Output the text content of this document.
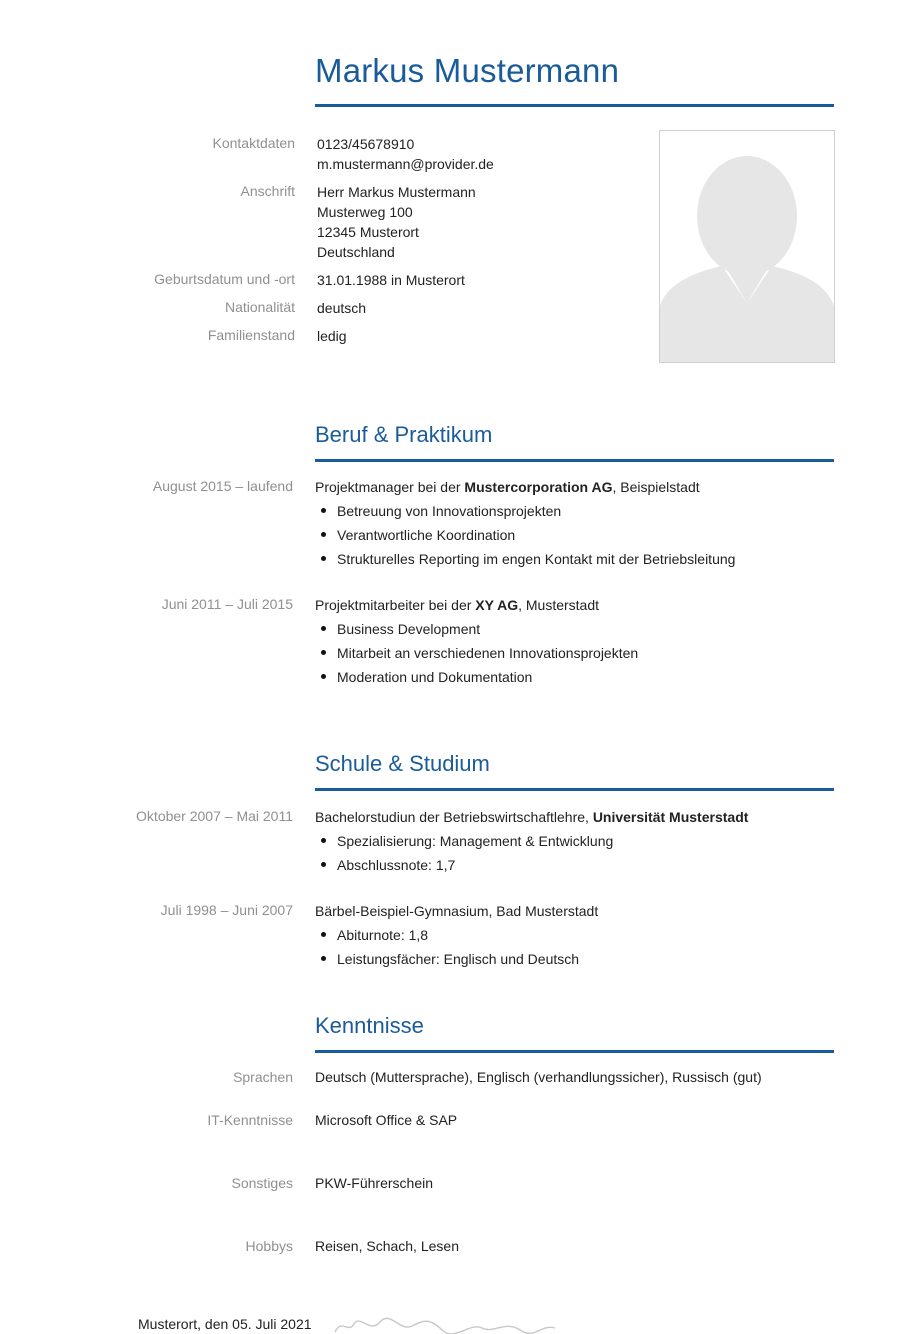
Markus Mustermann
Kontaktdaten 0123/45678910
m.mustermann@provider.de
Anschrift Herr Markus Mustermann
Musterweg 100
12345 Musterort
Deutschland
Geburtsdatum und -ort 31.01.1988 in Musterort
Nationalität deutsch
Familienstand ledig
Beruf & Praktikum
August 2015 – laufend Projektmanager bei der Mustercorporation AG, Beispielstadt
Betreuung von Innovationsprojekten
Verantwortliche Koordination
Strukturelles Reporting im engen Kontakt mit der Betriebsleitung
Juni 2011 – Juli 2015 Projektmitarbeiter bei der XY AG, Musterstadt
Business Development
Mitarbeit an verschiedenen Innovationsprojekten
Moderation und Dokumentation
Schule & Studium
Oktober 2007 – Mai 2011 Bachelorstudiun der Betriebswirtschaftlehre, Universität Musterstadt
Spezialisierung: Management & Entwicklung
Abschlussnote: 1,7
Juli 1998 – Juni 2007 Bärbel-Beispiel-Gymnasium, Bad Musterstadt
Abiturnote: 1,8
Leistungsfächer: Englisch und Deutsch
Kenntnisse
Sprachen Deutsch (Muttersprache), Englisch (verhandlungssicher), Russisch (gut)
IT-Kenntnisse Microsoft Office & SAP
Sonstiges PKW-Führerschein
Hobbys Reisen, Schach, Lesen
Musterort, den 05. Juli 2021
